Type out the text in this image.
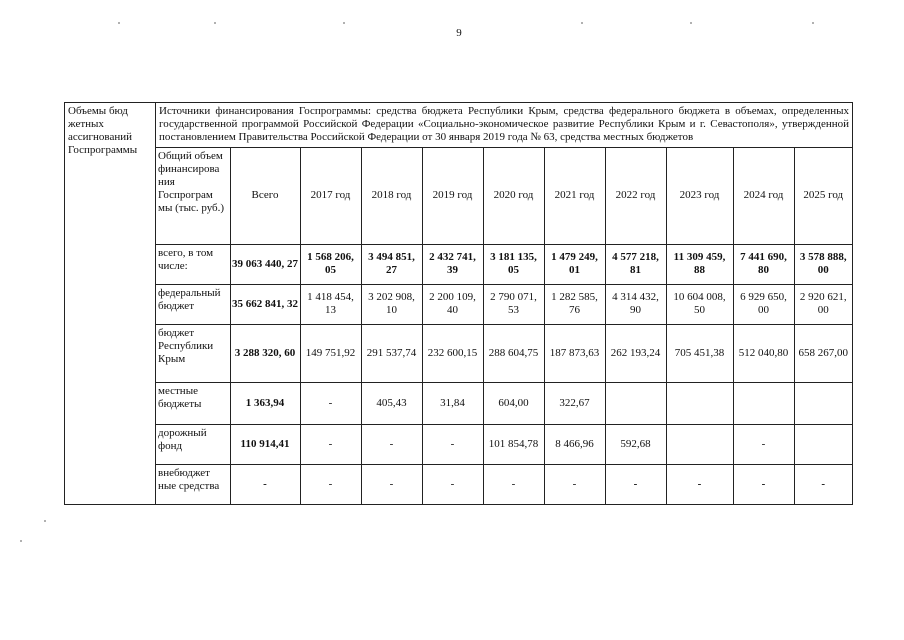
9
Объемы бюд жетных ассигнований Госпрограммы	
Источники финансирования Госпрограммы: средства бюджета Республики Крым, средства федерального бюджета в объемах, определенных государственной программой Российской Федерации «Социально-экономическое развитие Республики Крым и г. Севастополя», утвержденной постановлением Правительства Российской Федерации от 30 января 2019 года № 63, средства местных бюджетов
Общий объем финансирова ния Госпрограм мы (тыс. руб.)	Всего	2017 год	2018 год	2019 год	2020 год	2021 год	2022 год	2023 год	2024 год	2025 год
всего, в том числе:	39 063 440, 27	1 568 206, 05	3 494 851, 27	2 432 741, 39	3 181 135, 05	1 479 249, 01	4 577 218, 81	11 309 459, 88	7 441 690, 80	3 578 888, 00
федеральный бюджет	35 662 841, 32	1 418 454, 13	3 202 908, 10	2 200 109, 40	2 790 071, 53	1 282 585, 76	4 314 432, 90	10 604 008, 50	6 929 650, 00	2 920 621, 00
бюджет Республики Крым	3 288 320, 60	149 751,92	291 537,74	232 600,15	288 604,75	187 873,63	262 193,24	705 451,38	512 040,80	658 267,00
местные бюджеты	1 363,94	-	405,43	31,84	604,00	322,67				
дорожный фонд	110 914,41	-	-	-	101 854,78	8 466,96	592,68		-	
внебюджет ные средства	-	-	-	-	-	-	-	-	-	-
